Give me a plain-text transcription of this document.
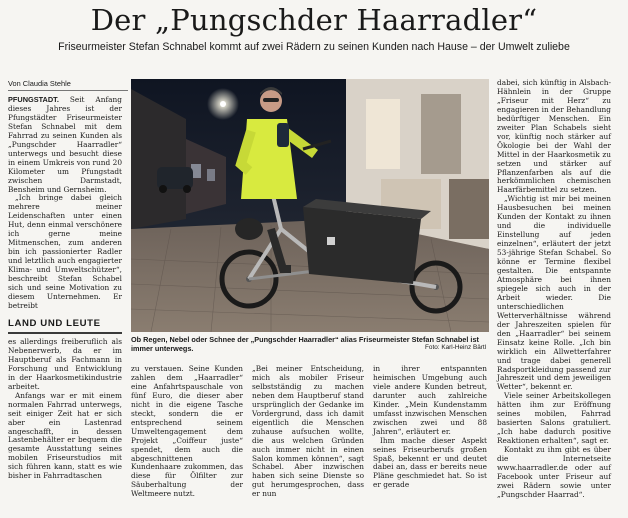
Der „Pungschder Haarradler“

Friseurmeister Stefan Schnabel kommt auf zwei Rädern zu seinen Kunden nach Hause – der Umwelt zuliebe

Von Claudia Stehle

PFUNGSTADT. Seit Anfang dieses Jahres ist der Pfungstädter Friseurmeister Stefan Schnabel mit dem Fahrrad zu seinen Kunden als „Pungschder Haarradler“ unterwegs und besucht diese in einem Umkreis von rund 20 Kilometer um Pfungstadt zwischen Darmstadt, Bensheim und Gernsheim.

„Ich bringe dabei gleich mehrere meiner Leidenschaften unter einen Hut, denn einmal verschönere ich gerne meine Mitmenschen, zum anderen bin ich passionierter Radler und letztlich auch engagierter Klima- und Umweltschützer“, beschreibt Stefan Schabel sich und seine Motivation zu diesem Unternehmen. Er betreibt

LAND UND LEUTE

es allerdings freiberuflich als Nebenerwerb, da er im Hauptberuf als Fachmann in Forschung und Entwicklung in der Haarkosmetikindustrie arbeitet.

Anfangs war er mit einem normalen Fahrrad unterwegs, seit einiger Zeit hat er sich aber ein Lastenrad angeschafft, in dessen Lastenbehälter er bequem die gesamte Ausstattung seines mobilen Friseurstudios mit sich führen kann, statt es wie bisher in Fahrradtaschen

Ob Regen, Nebel oder Schnee der „Pungschder Haarradler“ alias Friseurmeister Stefan Schnabel ist immer unterwegs.	Foto: Karl-Heinz Bärtl

zu verstauen. Seine Kunden zahlen dem „Haarradler“ eine Anfahrtspauschale von fünf Euro, die dieser aber nicht in die eigene Tasche steckt, sondern die er entsprechend seinem Umweltengagement dem Projekt „Coiffeur juste“ spendet, dem auch die abgeschnittenen Kundenhaare zukommen, das diese für Ölfilter zur Säuberhaltung der Weltmeere nutzt.

„Bei meiner Entscheidung, mich als mobiler Friseur selbstständig zu machen neben dem Hauptberuf stand ursprünglich der Gedanke im Vordergrund, dass ich damit eigentlich die Menschen zuhause aufsuchen wollte, die aus welchen Gründen auch immer nicht in einen Salon kommen können“, sagt Schabel. Aber inzwischen haben sich seine Dienste so gut herumgesprochen, dass er nun

in ihrer entspannten heimischen Umgebung auch viele andere Kunden betreut, darunter auch zahlreiche Kinder. „Mein Kundenstamm umfasst inzwischen Menschen zwischen zwei und 88 Jahren“, erläutert er.

Ihm mache dieser Aspekt seines Friseurberufs großen Spaß, bekennt er und deutet dabei an, dass er bereits neue Pläne geschmiedet hat. So ist er gerade

dabei, sich künftig in Alsbach-Hähnlein in der Gruppe „Friseur mit Herz“ zu engagieren in der Behandlung bedürftiger Menschen. Ein zweiter Plan Schabels sieht vor, künftig noch stärker auf Ökologie bei der Wahl der Mittel in der Haarkosmetik zu setzen und stärker auf Pflanzenfarben als auf die herkömmlichen chemischen Haarfärbemittel zu setzen.

„Wichtig ist mir bei meinen Hausbesuchen bei meinen Kunden der Kontakt zu ihnen und die individuelle Einstellung auf jeden einzelnen“, erläutert der jetzt 53-jährige Stefan Schabel. So könne er Termine flexibel gestalten. Die entspannte Atmosphäre bei ihnen spiegele sich auch in der Arbeit wieder. Die unterschiedlichen Wetterverhältnisse während der Jahreszeiten spielen für den „Haarradler“ bei seinem Einsatz keine Rolle. „Ich bin wirklich ein Allwetterfahrer und trage dabei generell Radsportkleidung passend zur Jahreszeit und dem jeweiligen Wetter“, bekennt er.

Viele seiner Arbeitskollegen hätten ihm zur Eröffnung seines mobilen, Fahrrad basierten Salons gratuliert. „Ich habe dadurch positive Reaktionen erhalten“, sagt er.

Kontakt zu ihm gibt es über die Internetseite www.haarradler.de oder auf Facebook unter Friseur auf zwei Rädern sowie unter „Pungschder Haarrad“.
